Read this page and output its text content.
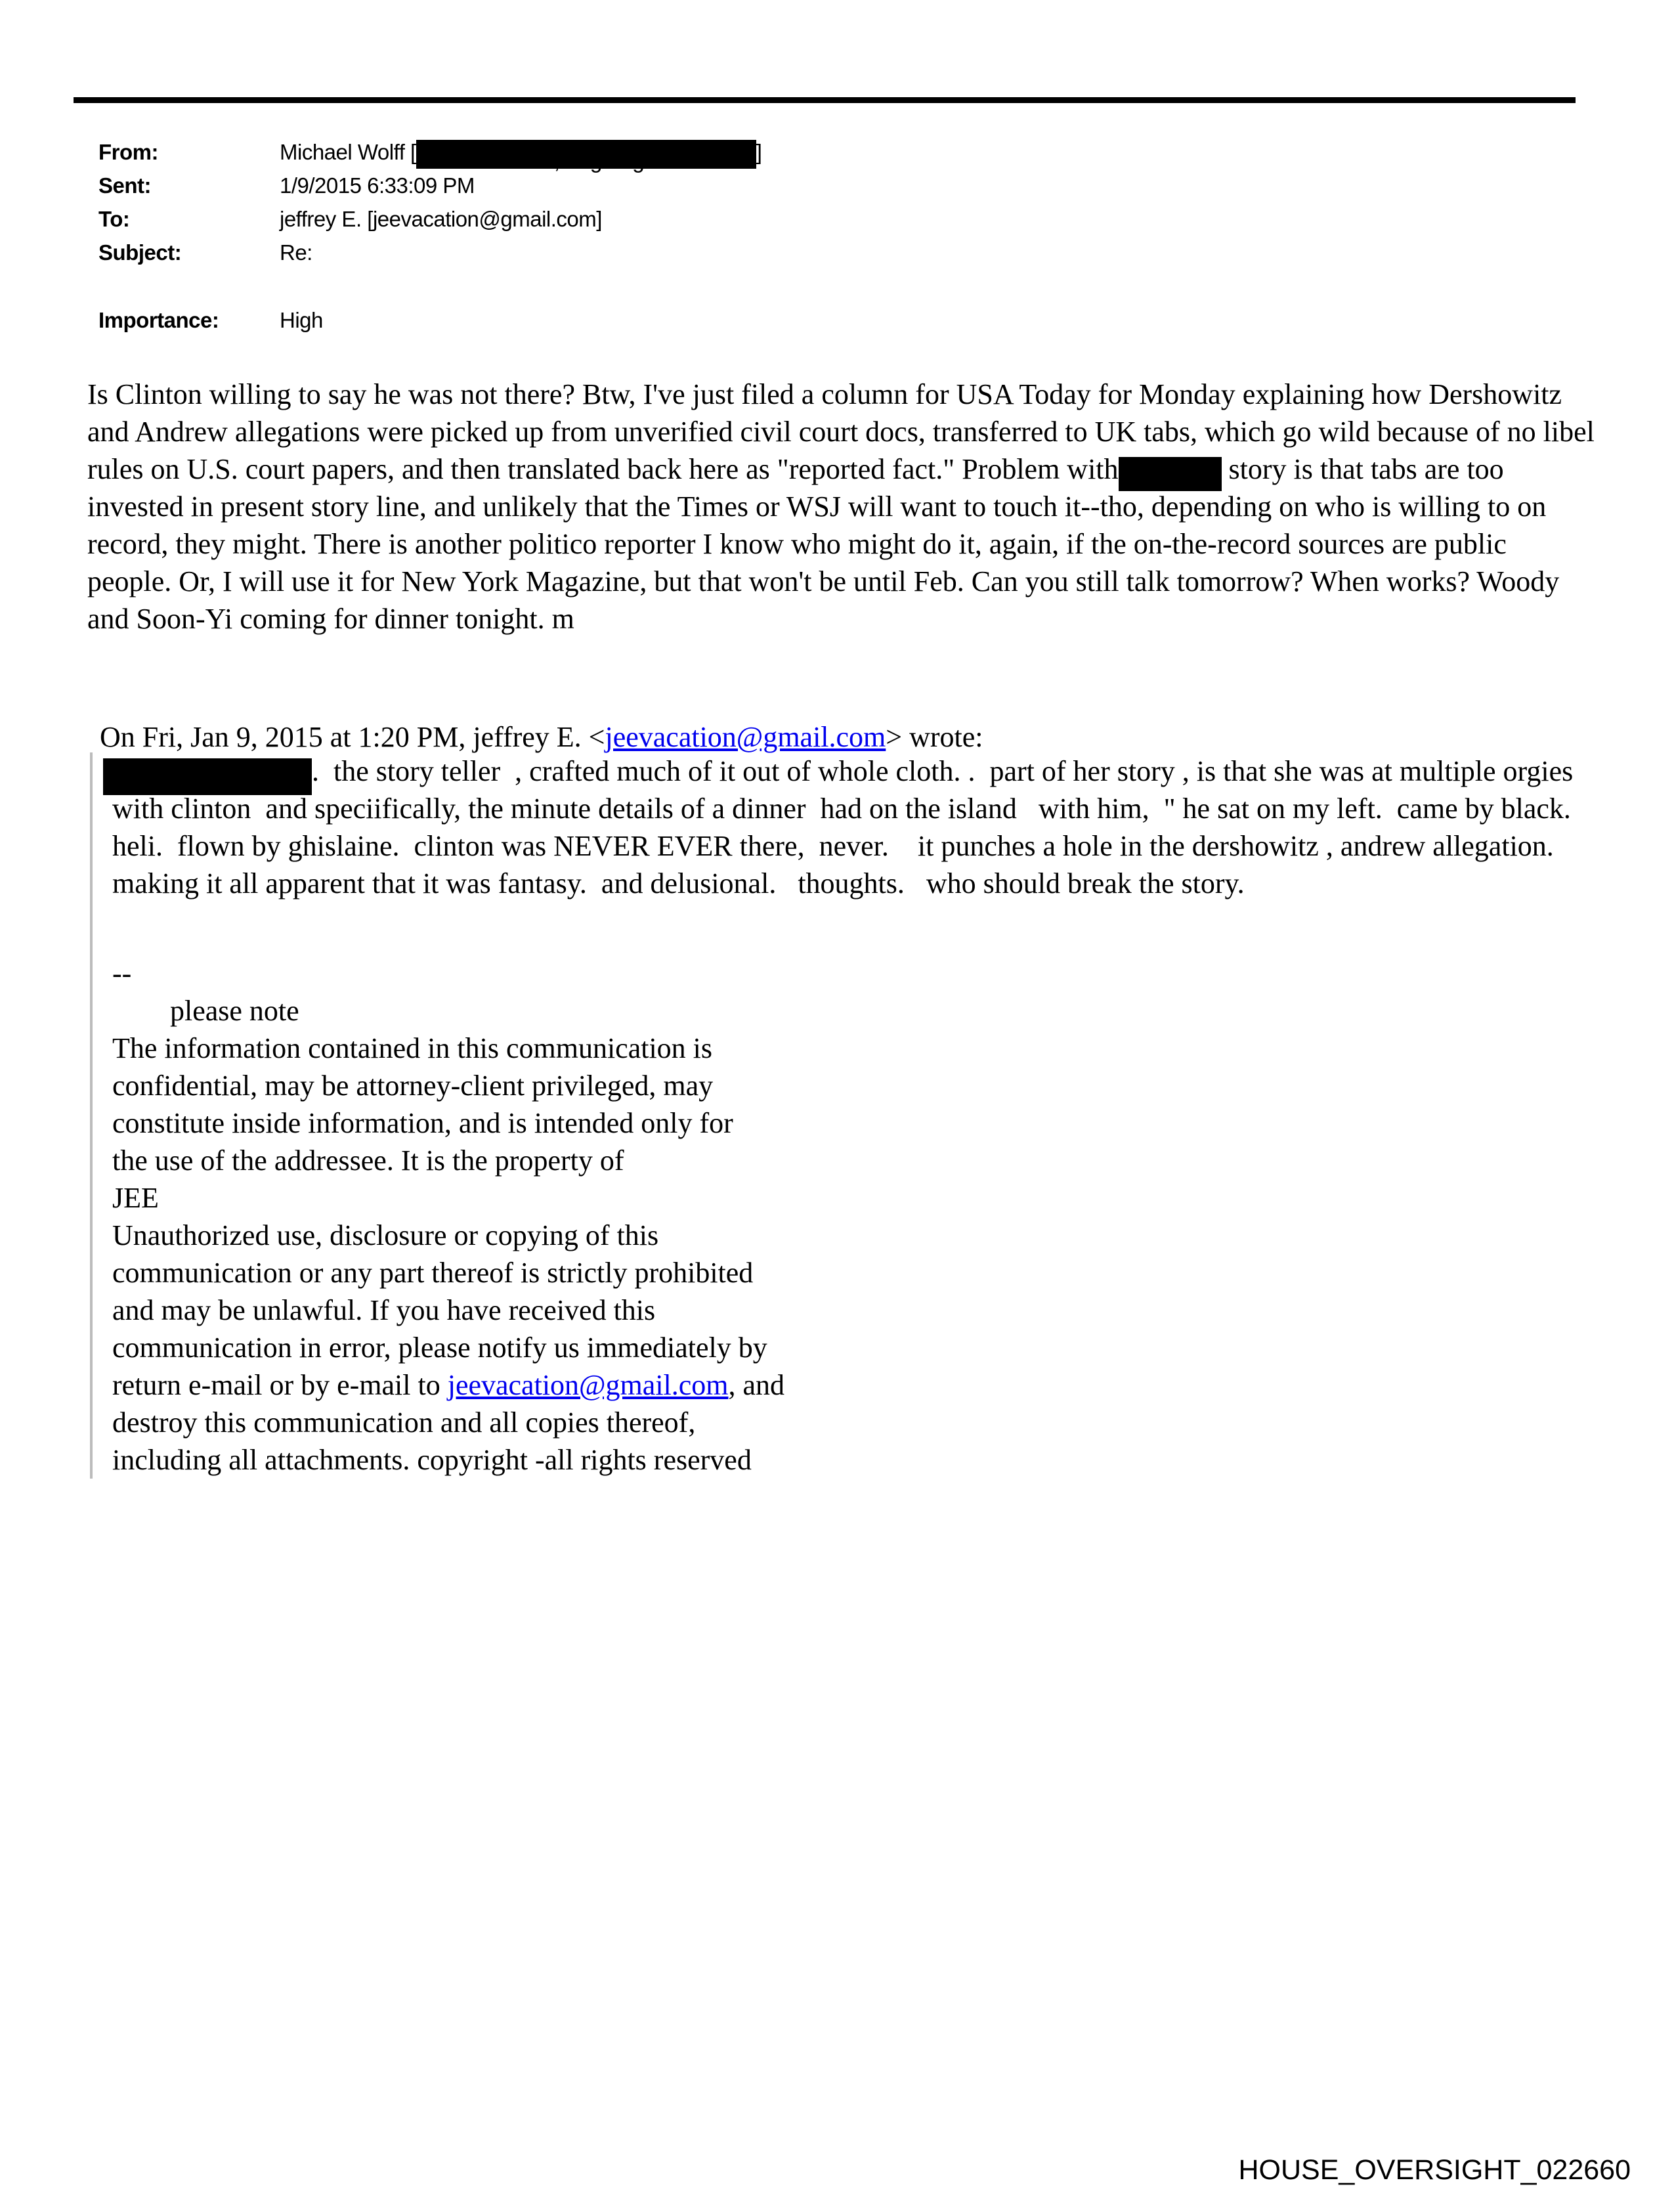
From:	Michael Wolff [	, g g	]
Sent:	1/9/2015 6:33:09 PM
To:	jeffrey E. [jeevacation@gmail.com]
Subject:	Re:
Importance:	High
Is Clinton willing to say he was not there? Btw, I've just filed a column for USA Today for Monday explaining how Dershowitz and Andrew allegations were picked up from unverified civil court docs, transferred to UK tabs, which go wild because of no libel rules on U.S. court papers, and then translated back here as "reported fact." Problem with	story is that tabs are too invested in present story line, and unlikely that the Times or WSJ will want to touch it--tho, depending on who is willing to on record, they might. There is another politico reporter I know who might do it, again, if the on-the-record sources are public people. Or, I will use it for New York Magazine, but that won't be until Feb. Can you still talk tomorrow? When works? Woody and Soon-Yi coming for dinner tonight. m
On Fri, Jan 9, 2015 at 1:20 PM, jeffrey E. <jeevacation@gmail.com> wrote:
.  the story teller  , crafted much of it out of whole cloth. .  part of her story , is that she was at multiple orgies with clinton  and speciifically, the minute details of a dinner  had on the island   with him,  " he sat on my left.  came by black. heli.  flown by ghislaine.  clinton was NEVER EVER there,  never.    it punches a hole in the dershowitz , andrew allegation.  making it all apparent that it was fantasy.  and delusional.   thoughts.   who should break the story.
--
please note
The information contained in this communication is
confidential, may be attorney-client privileged, may
constitute inside information, and is intended only for
the use of the addressee. It is the property of
JEE
Unauthorized use, disclosure or copying of this
communication or any part thereof is strictly prohibited
and may be unlawful. If you have received this
communication in error, please notify us immediately by
return e-mail or by e-mail to jeevacation@gmail.com, and
destroy this communication and all copies thereof,
including all attachments. copyright -all rights reserved
HOUSE_OVERSIGHT_022660
